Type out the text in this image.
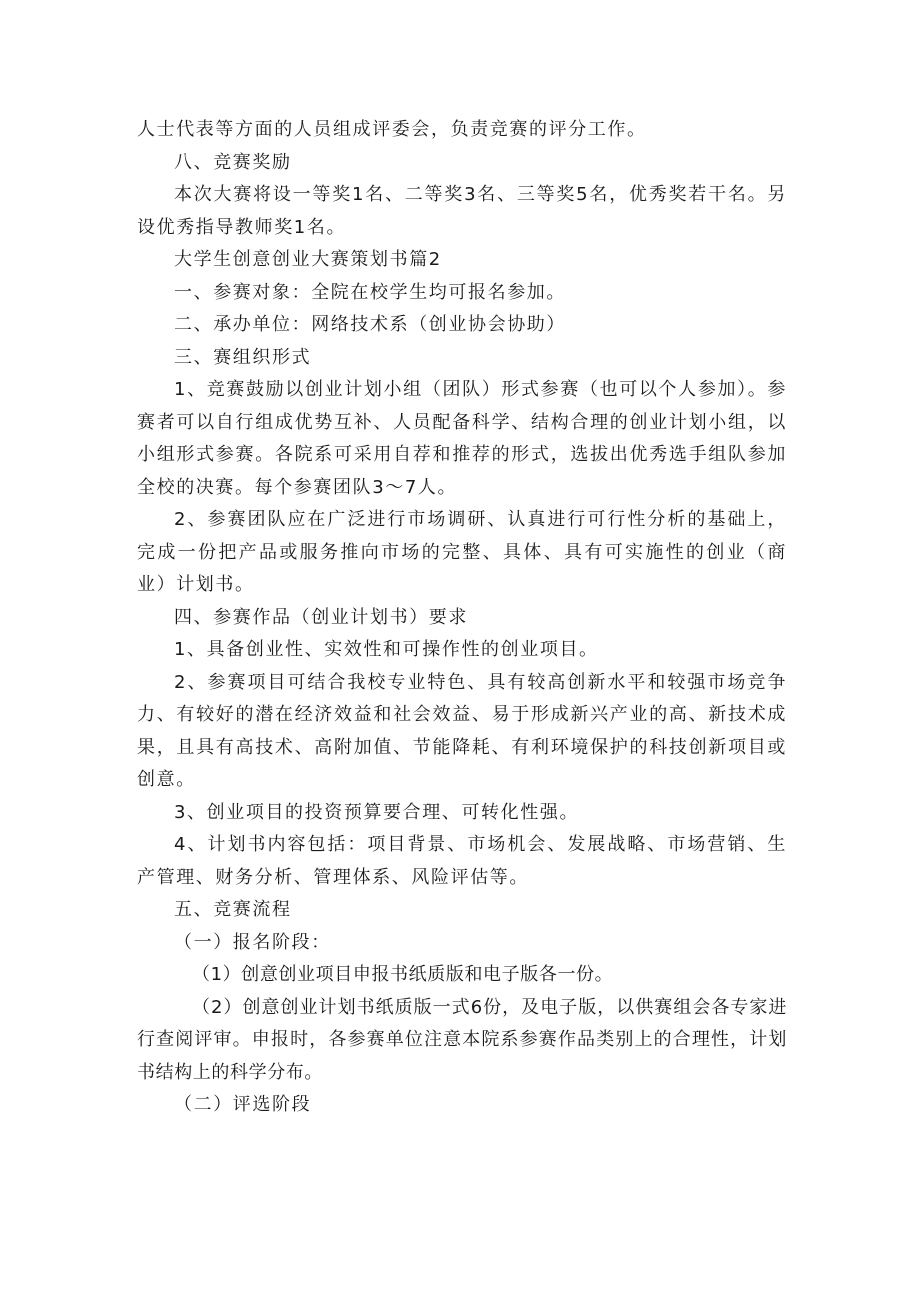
人士代表等方面的人员组成评委会，负责竞赛的评分工作。

八、竞赛奖励

本次大赛将设一等奖1名、二等奖3名、三等奖5名，优秀奖若干名。另设优秀指导教师奖1名。

大学生创意创业大赛策划书篇2

一、参赛对象：全院在校学生均可报名参加。

二、承办单位：网络技术系（创业协会协助）

三、赛组织形式

1、竞赛鼓励以创业计划小组（团队）形式参赛（也可以个人参加）。参赛者可以自行组成优势互补、人员配备科学、结构合理的创业计划小组，以小组形式参赛。各院系可采用自荐和推荐的形式，选拔出优秀选手组队参加全校的决赛。每个参赛团队3〜7人。

2、参赛团队应在广泛进行市场调研、认真进行可行性分析的基础上，完成一份把产品或服务推向市场的完整、具体、具有可实施性的创业（商业）计划书。

四、参赛作品（创业计划书）要求

1、具备创业性、实效性和可操作性的创业项目。

2、参赛项目可结合我校专业特色、具有较高创新水平和较强市场竞争力、有较好的潜在经济效益和社会效益、易于形成新兴产业的高、新技术成果，且具有高技术、高附加值、节能降耗、有利环境保护的科技创新项目或创意。

3、创业项目的投资预算要合理、可转化性强。

4、计划书内容包括：项目背景、市场机会、发展战略、市场营销、生产管理、财务分析、管理体系、风险评估等。

五、竞赛流程

（一）报名阶段：

（1）创意创业项目申报书纸质版和电子版各一份。

（2）创意创业计划书纸质版一式6份，及电子版，以供赛组会各专家进行查阅评审。申报时，各参赛单位注意本院系参赛作品类别上的合理性，计划书结构上的科学分布。

（二）评选阶段
